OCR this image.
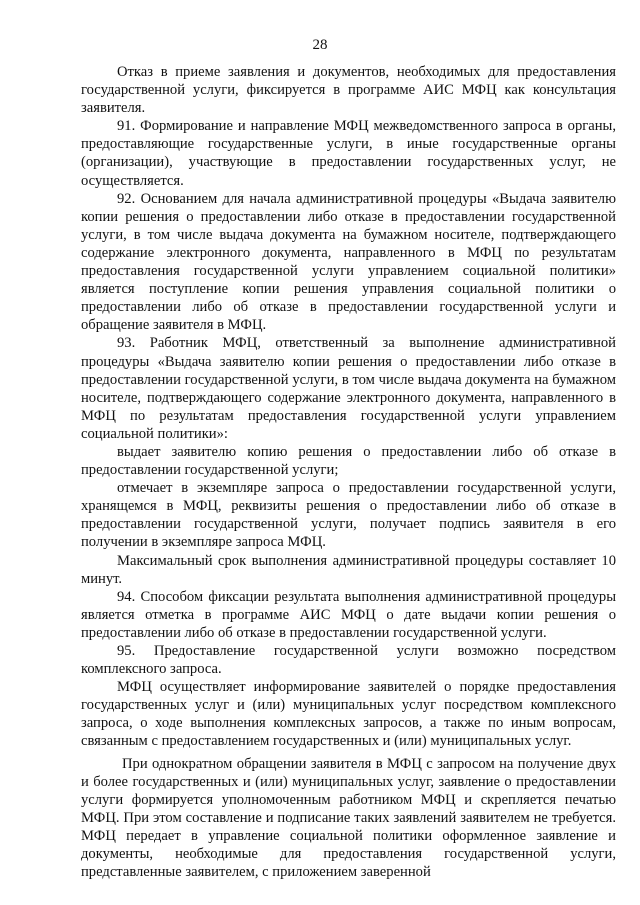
28

Отказ в приеме заявления и документов, необходимых для предоставления государственной услуги, фиксируется в программе АИС МФЦ как консультация заявителя.

91. Формирование и направление МФЦ межведомственного запроса в органы, предоставляющие государственные услуги, в иные государственные органы (организации), участвующие в предоставлении государственных услуг, не осуществляется.

92. Основанием для начала административной процедуры «Выдача заявителю копии решения о предоставлении либо отказе в предоставлении государственной услуги, в том числе выдача документа на бумажном носителе, подтверждающего содержание электронного документа, направленного в МФЦ по результатам предоставления государственной услуги управлением социальной политики» является поступление копии решения управления социальной политики о предоставлении либо об отказе в предоставлении государственной услуги и обращение заявителя в МФЦ.

93. Работник МФЦ, ответственный за выполнение административной процедуры «Выдача заявителю копии решения о предоставлении либо отказе в предоставлении государственной услуги, в том числе выдача документа на бумажном носителе, подтверждающего содержание электронного документа, направленного в МФЦ по результатам предоставления государственной услуги управлением социальной политики»:

выдает заявителю копию решения о предоставлении либо об отказе в предоставлении государственной услуги;

отмечает в экземпляре запроса о предоставлении государственной услуги, хранящемся в МФЦ, реквизиты решения о предоставлении либо об отказе в предоставлении государственной услуги, получает подпись заявителя в его получении в экземпляре запроса МФЦ.

Максимальный срок выполнения административной процедуры составляет 10 минут.

94. Способом фиксации результата выполнения административной процедуры является отметка в программе АИС МФЦ о дате выдачи копии решения о предоставлении либо об отказе в предоставлении государственной услуги.

95. Предоставление государственной услуги возможно посредством комплексного запроса.

МФЦ осуществляет информирование заявителей о порядке предоставления государственных услуг и (или) муниципальных услуг посредством комплексного запроса, о ходе выполнения комплексных запросов, а также по иным вопросам, связанным с предоставлением государственных и (или) муниципальных услуг.

При однократном обращении заявителя в МФЦ с запросом на получение двух и более государственных и (или) муниципальных услуг, заявление о предоставлении услуги формируется уполномоченным работником МФЦ и скрепляется печатью МФЦ. При этом составление и подписание таких заявлений заявителем не требуется. МФЦ передает в управление социальной политики оформленное заявление и документы, необходимые для предоставления государственной услуги, представленные заявителем, с приложением заверенной
